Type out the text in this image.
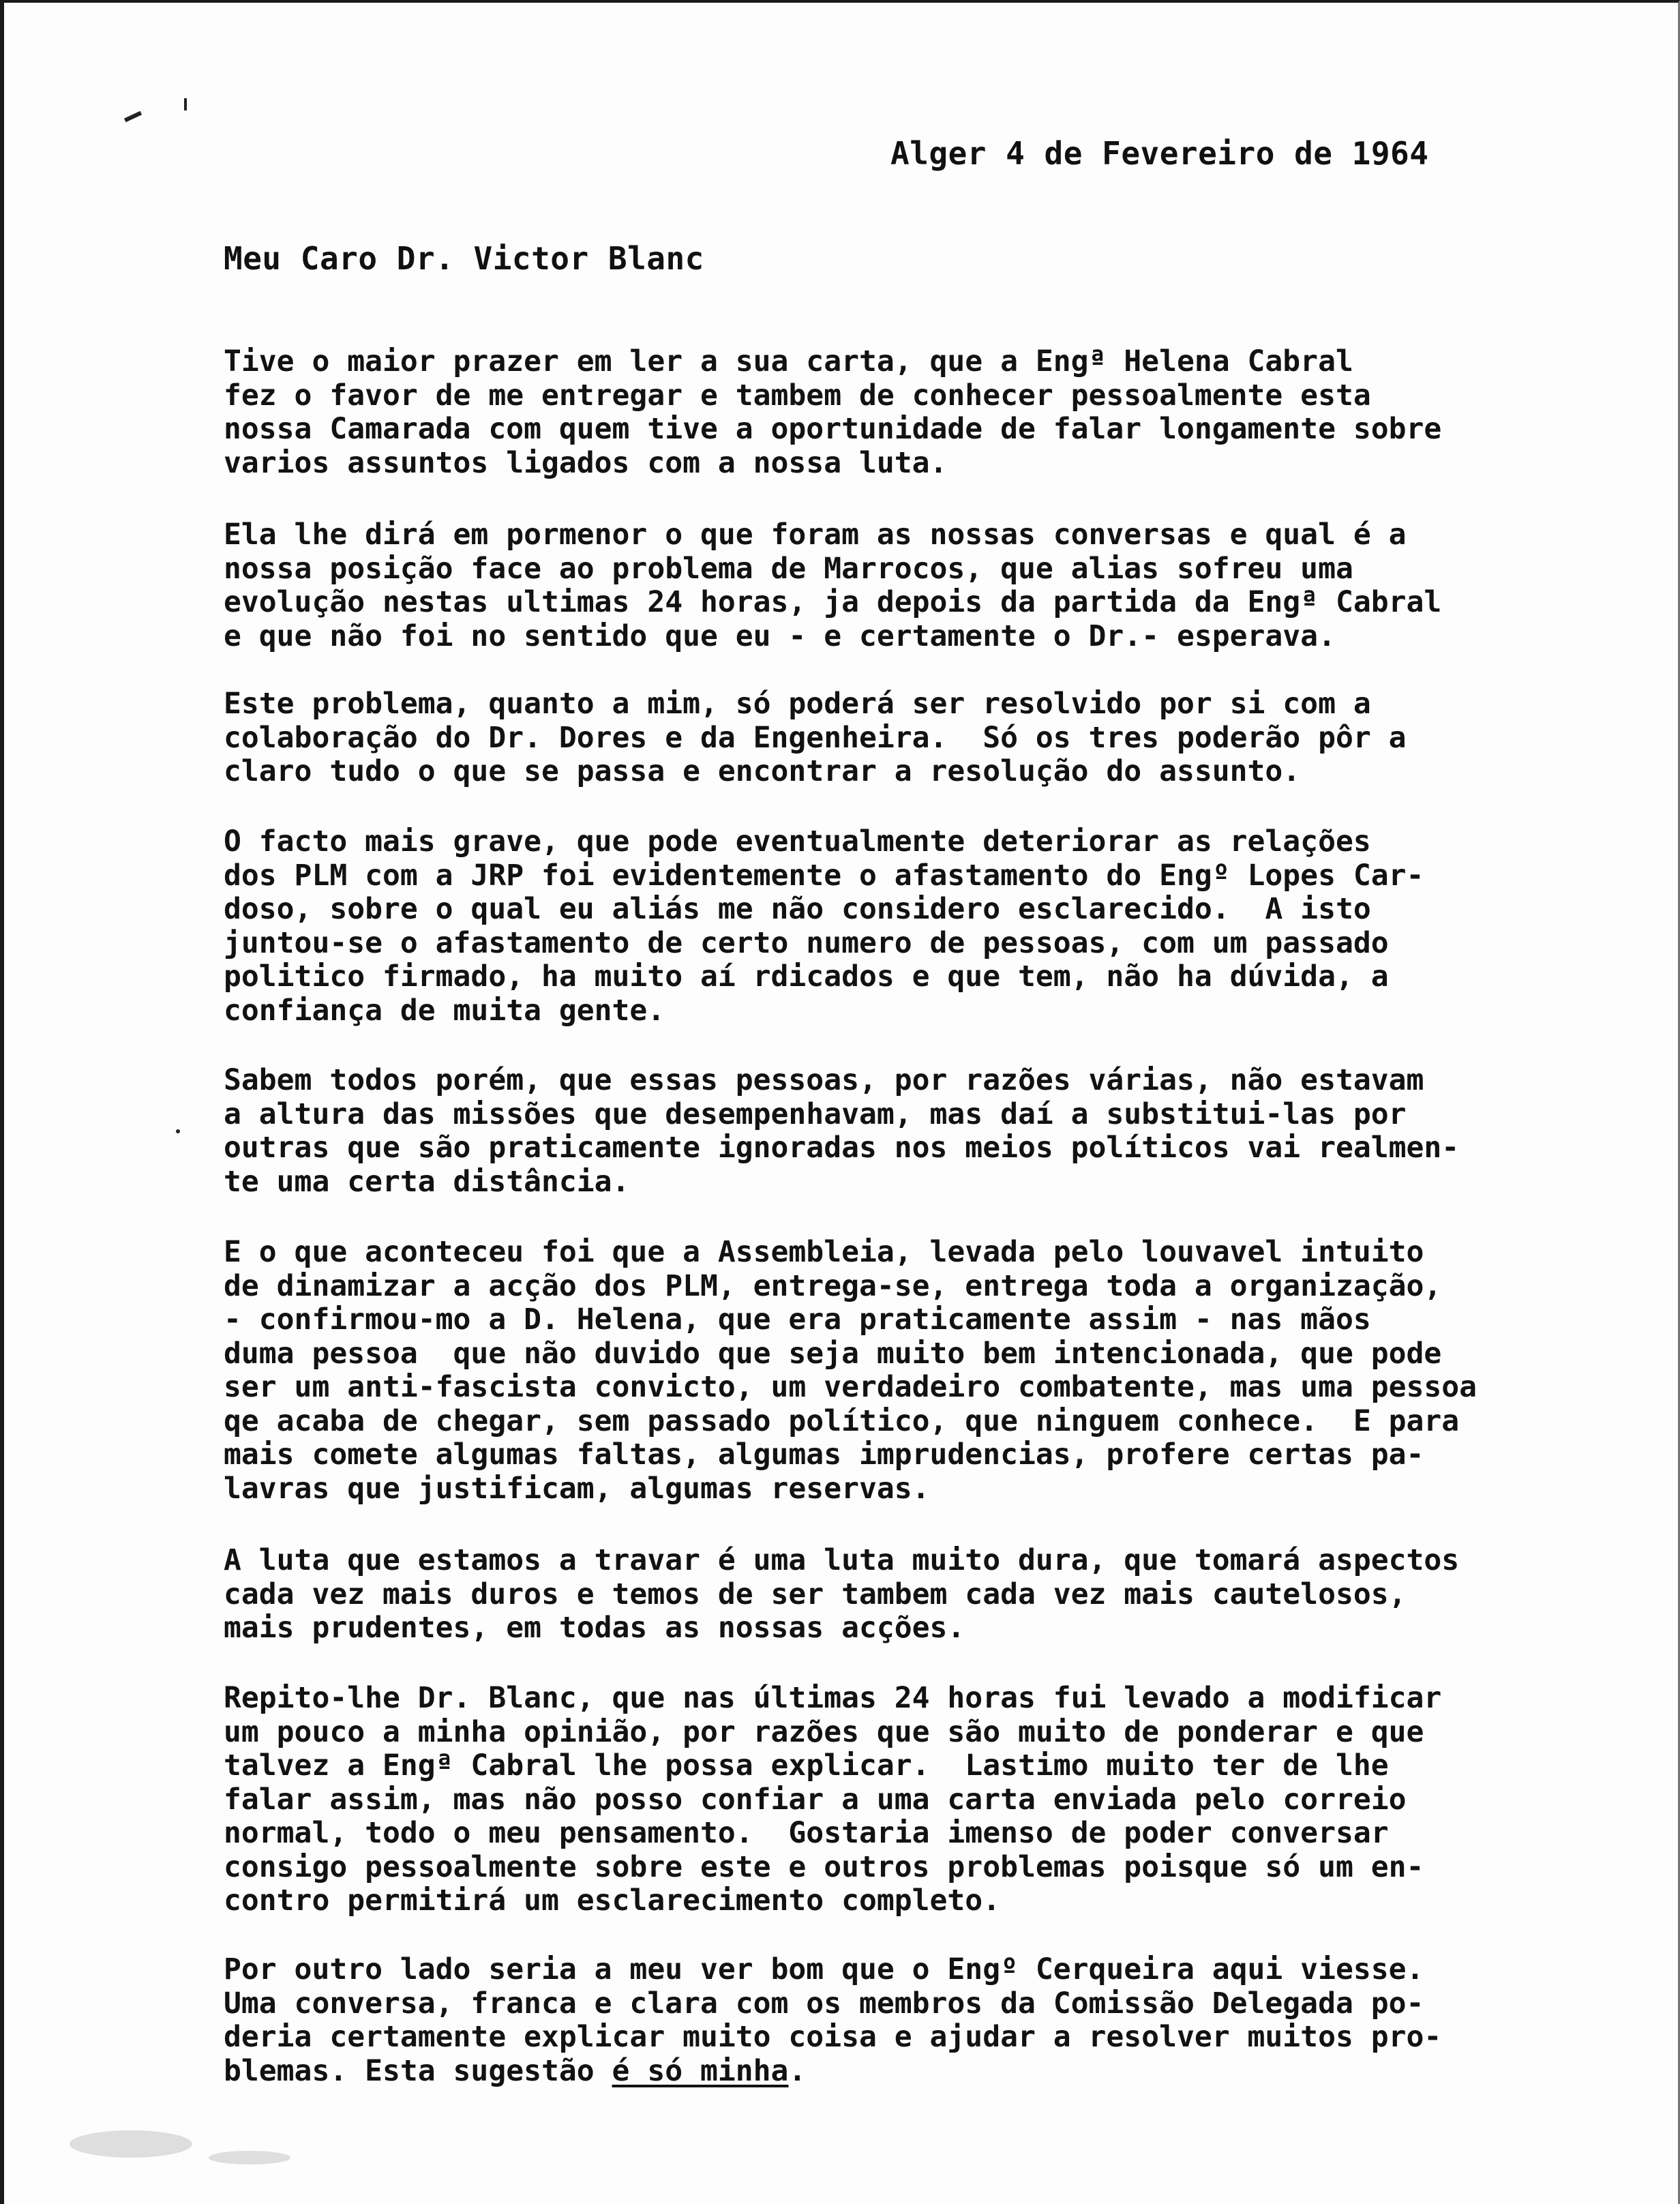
Alger 4 de Fevereiro de 1964
Meu Caro Dr. Victor Blanc
Tive o maior prazer em ler a sua carta, que a Engª Helena Cabral
fez o favor de me entregar e tambem de conhecer pessoalmente esta
nossa Camarada com quem tive a oportunidade de falar longamente sobre
varios assuntos ligados com a nossa luta.
Ela lhe dirá em pormenor o que foram as nossas conversas e qual é a
nossa posição face ao problema de Marrocos, que alias sofreu uma
evolução nestas ultimas 24 horas, ja depois da partida da Engª Cabral
e que não foi no sentido que eu - e certamente o Dr.- esperava.
Este problema, quanto a mim, só poderá ser resolvido por si com a
colaboração do Dr. Dores e da Engenheira.  Só os tres poderão pôr a
claro tudo o que se passa e encontrar a resolução do assunto.
O facto mais grave, que pode eventualmente deteriorar as relações
dos PLM com a JRP foi evidentemente o afastamento do Engº Lopes Car-
doso, sobre o qual eu aliás me não considero esclarecido.  A isto
juntou-se o afastamento de certo numero de pessoas, com um passado
politico firmado, ha muito aí rdicados e que tem, não ha dúvida, a
confiança de muita gente.
Sabem todos porém, que essas pessoas, por razões várias, não estavam
a altura das missões que desempenhavam, mas daí a substitui-las por
outras que são praticamente ignoradas nos meios políticos vai realmen-
te uma certa distância.
E o que aconteceu foi que a Assembleia, levada pelo louvavel intuito
de dinamizar a acção dos PLM, entrega-se, entrega toda a organização,
- confirmou-mo a D. Helena, que era praticamente assim - nas mãos
duma pessoa  que não duvido que seja muito bem intencionada, que pode
ser um anti-fascista convicto, um verdadeiro combatente, mas uma pessoa
qe acaba de chegar, sem passado político, que ninguem conhece.  E para
mais comete algumas faltas, algumas imprudencias, profere certas pa-
lavras que justificam, algumas reservas.
A luta que estamos a travar é uma luta muito dura, que tomará aspectos
cada vez mais duros e temos de ser tambem cada vez mais cautelosos,
mais prudentes, em todas as nossas acções.
Repito-lhe Dr. Blanc, que nas últimas 24 horas fui levado a modificar
um pouco a minha opinião, por razões que são muito de ponderar e que
talvez a Engª Cabral lhe possa explicar.  Lastimo muito ter de lhe
falar assim, mas não posso confiar a uma carta enviada pelo correio
normal, todo o meu pensamento.  Gostaria imenso de poder conversar
consigo pessoalmente sobre este e outros problemas poisque só um en-
contro permitirá um esclarecimento completo.
Por outro lado seria a meu ver bom que o Engº Cerqueira aqui viesse.
Uma conversa, franca e clara com os membros da Comissão Delegada po-
deria certamente explicar muito coisa e ajudar a resolver muitos pro-
blemas. Esta sugestão é só minha.
